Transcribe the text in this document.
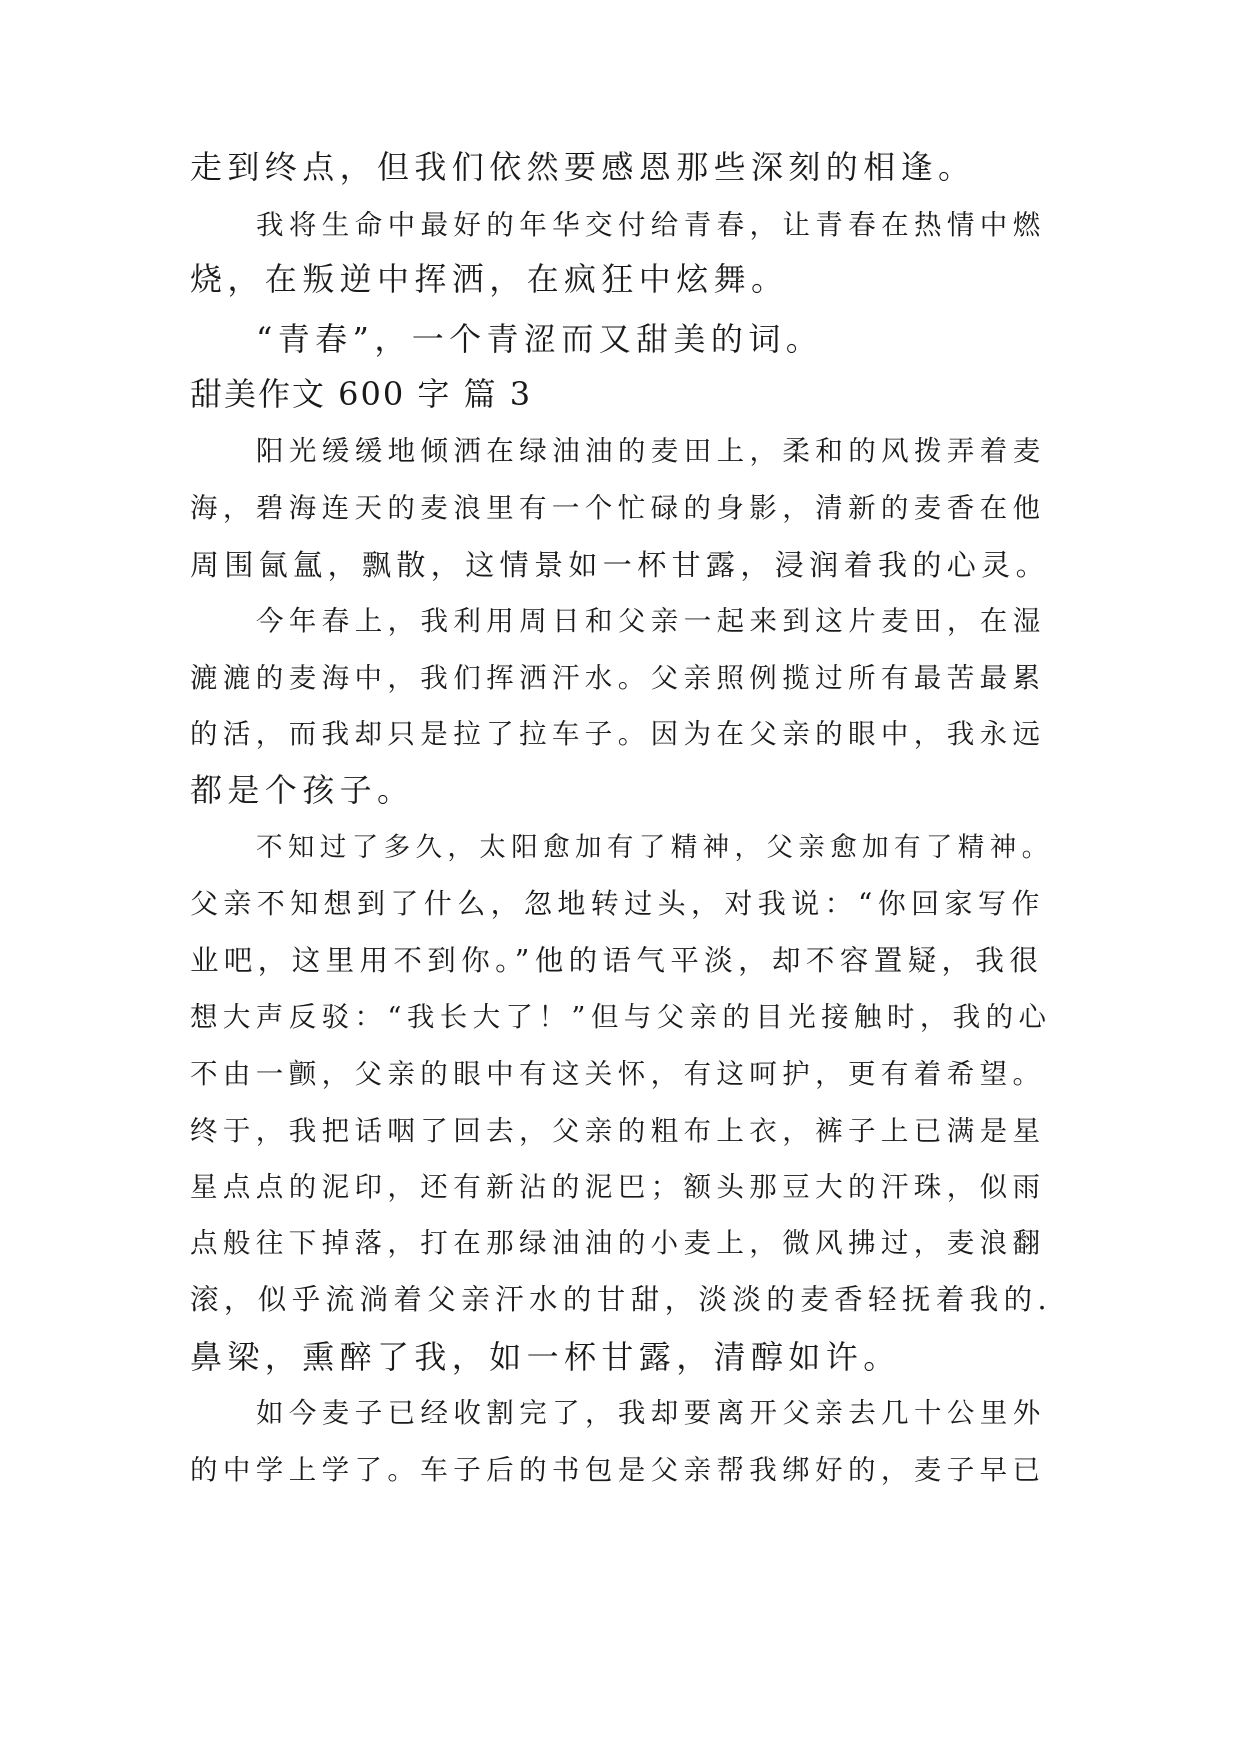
走到终点，但我们依然要感恩那些深刻的相逢。
我将生命中最好的年华交付给青春，让青春在热情中燃
烧，在叛逆中挥洒，在疯狂中炫舞。
“青春”，一个青涩而又甜美的词。
甜美作文 600 字 篇 3
阳光缓缓地倾洒在绿油油的麦田上，柔和的风拨弄着麦
海，碧海连天的麦浪里有一个忙碌的身影，清新的麦香在他
周围氤氲，飘散，这情景如一杯甘露，浸润着我的心灵。
今年春上，我利用周日和父亲一起来到这片麦田，在湿
漉漉的麦海中，我们挥洒汗水。父亲照例揽过所有最苦最累
的活，而我却只是拉了拉车子。因为在父亲的眼中，我永远
都是个孩子。
不知过了多久，太阳愈加有了精神，父亲愈加有了精神。
父亲不知想到了什么，忽地转过头，对我说：“你回家写作
业吧，这里用不到你。”他的语气平淡，却不容置疑，我很
想大声反驳：“我长大了！”但与父亲的目光接触时，我的心
不由一颤，父亲的眼中有这关怀，有这呵护，更有着希望。
终于，我把话咽了回去，父亲的粗布上衣，裤子上已满是星
星点点的泥印，还有新沾的泥巴；额头那豆大的汗珠，似雨
点般往下掉落，打在那绿油油的小麦上，微风拂过，麦浪翻
滚，似乎流淌着父亲汗水的甘甜，淡淡的麦香轻抚着我的.
鼻梁，熏醉了我，如一杯甘露，清醇如许。
如今麦子已经收割完了，我却要离开父亲去几十公里外
的中学上学了。车子后的书包是父亲帮我绑好的，麦子早已
